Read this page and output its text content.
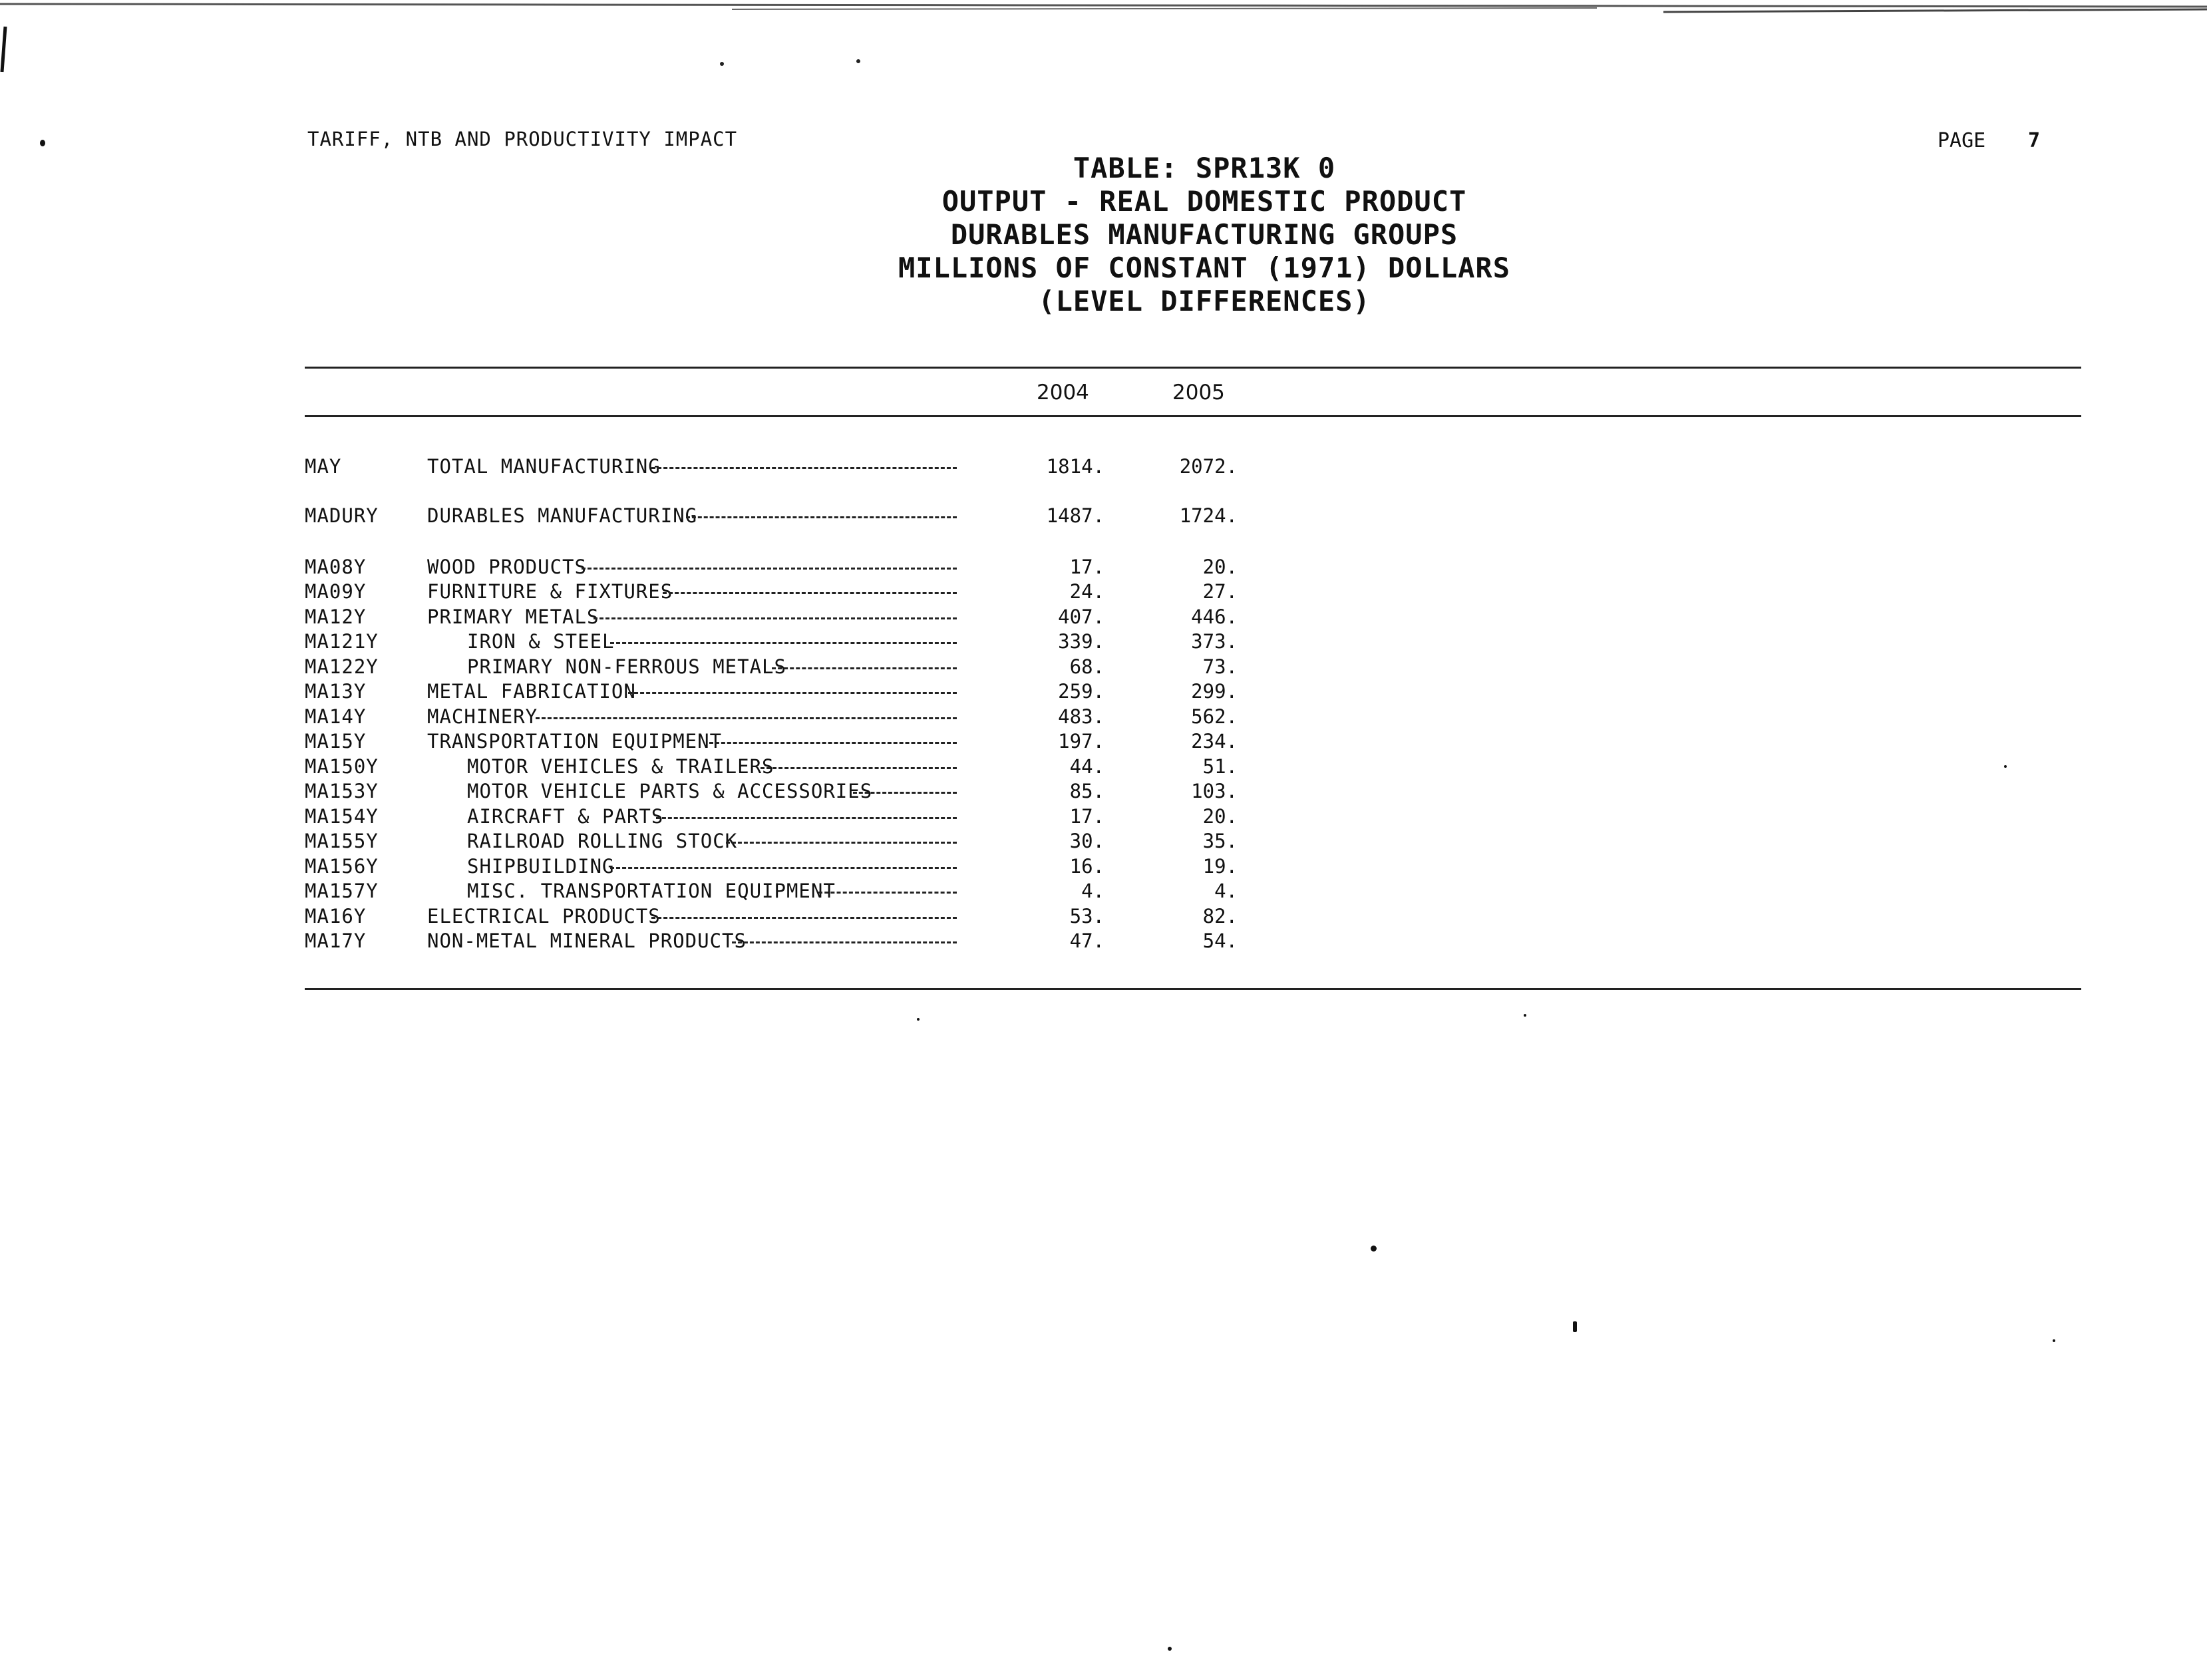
TARIFF, NTB AND PRODUCTIVITY IMPACT	PAGE 7
TABLE: SPR13K 0
OUTPUT - REAL DOMESTIC PRODUCT
DURABLES MANUFACTURING GROUPS
MILLIONS OF CONSTANT (1971) DOLLARS
(LEVEL DIFFERENCES)
2004	2005
MAY	TOTAL MANUFACTURING	1814.	2072.
MADURY	DURABLES MANUFACTURING	1487.	1724.
MA08Y	WOOD PRODUCTS	17.	20.
MA09Y	FURNITURE & FIXTURES	24.	27.
MA12Y	PRIMARY METALS	407.	446.
MA121Y	IRON & STEEL	339.	373.
MA122Y	PRIMARY NON-FERROUS METALS	68.	73.
MA13Y	METAL FABRICATION	259.	299.
MA14Y	MACHINERY	483.	562.
MA15Y	TRANSPORTATION EQUIPMENT	197.	234.
MA150Y	MOTOR VEHICLES & TRAILERS	44.	51.
MA153Y	MOTOR VEHICLE PARTS & ACCESSORIES	85.	103.
MA154Y	AIRCRAFT & PARTS	17.	20.
MA155Y	RAILROAD ROLLING STOCK	30.	35.
MA156Y	SHIPBUILDING	16.	19.
MA157Y	MISC. TRANSPORTATION EQUIPMENT	4.	4.
MA16Y	ELECTRICAL PRODUCTS	53.	82.
MA17Y	NON-METAL MINERAL PRODUCTS	47.	54.
